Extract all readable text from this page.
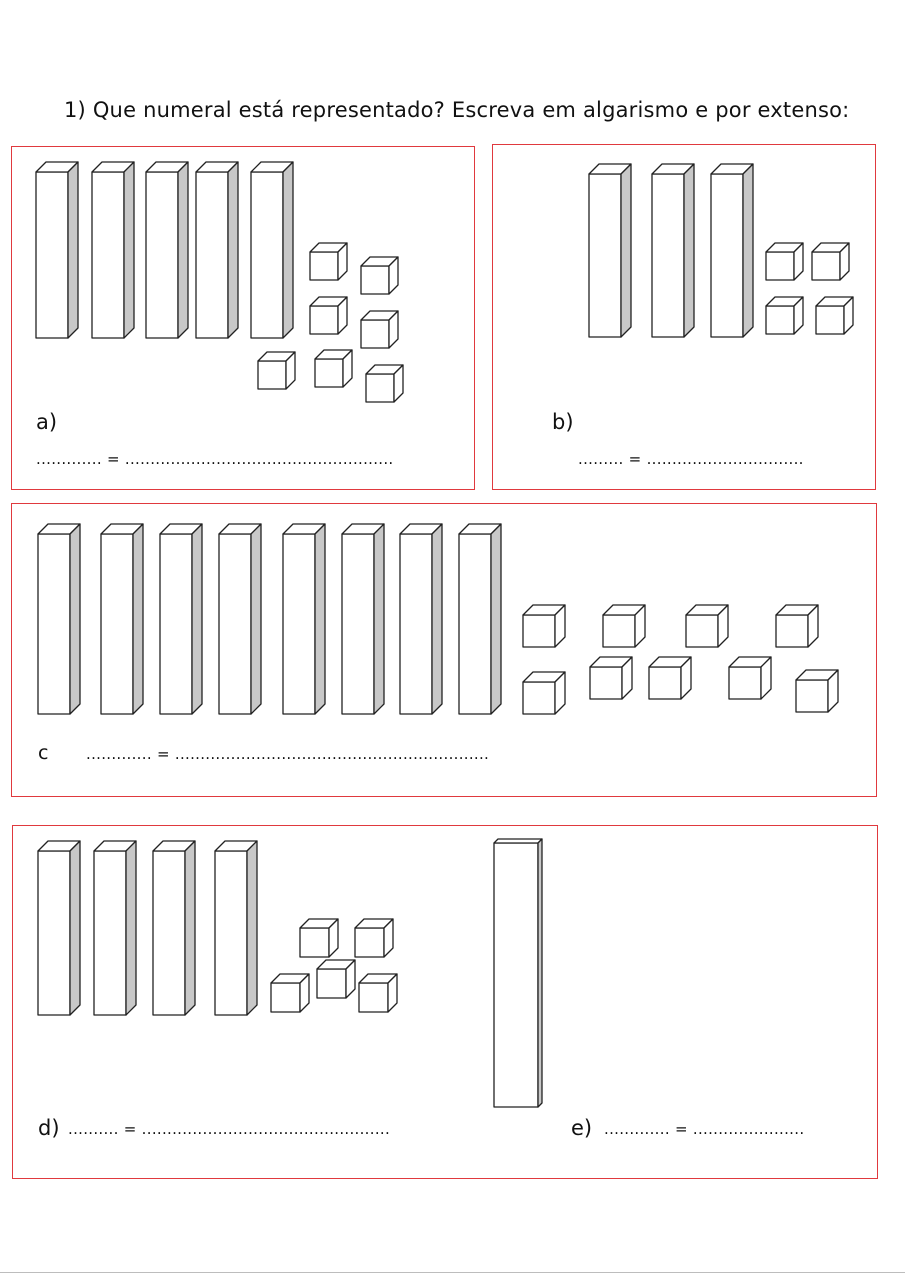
1) Que numeral está representado? Escreva em algarismo e por extenso:
a)
............. = .....................................................
b)
......... = ...............................
c	............. = ..............................................................
d) .......... = .................................................	e) ............. = ......................
